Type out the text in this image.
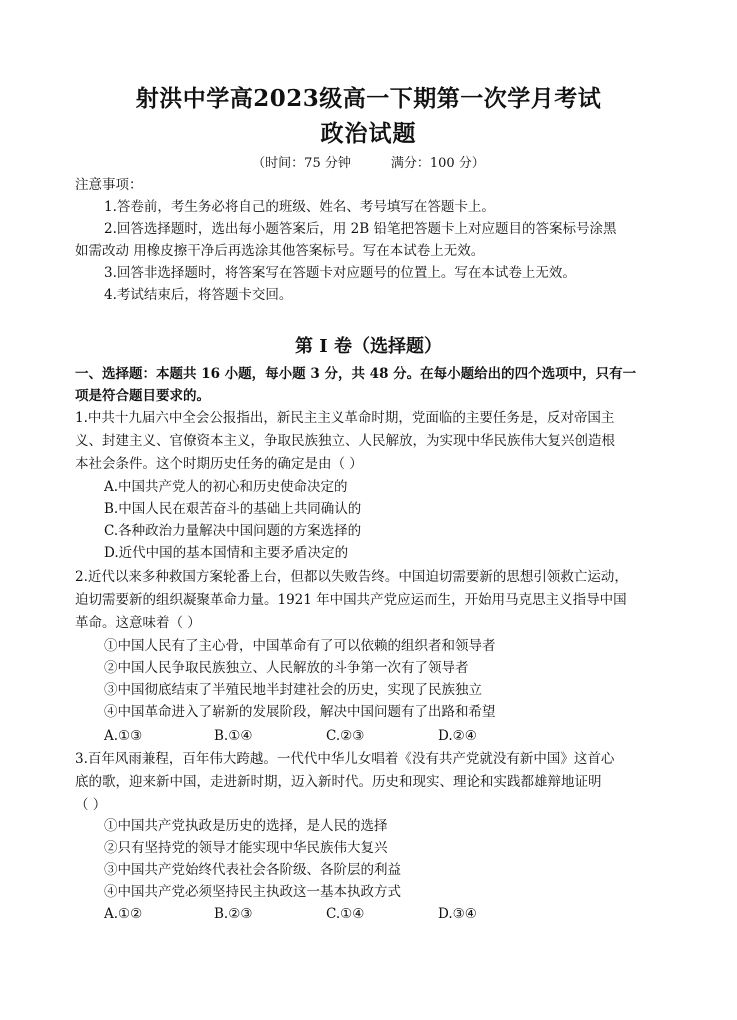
射洪中学高2023级高一下期第一次学月考试
政治试题
（时间：75 分钟	满分：100 分）
注意事项：
1.答卷前，考生务必将自己的班级、姓名、考号填写在答题卡上。
2.回答选择题时，选出每小题答案后，用 2B 铅笔把答题卡上对应题目的答案标号涂黑
如需改动 用橡皮擦干净后再选涂其他答案标号。写在本试卷上无效。
3.回答非选择题时，将答案写在答题卡对应题号的位置上。写在本试卷上无效。
4.考试结束后，将答题卡交回。
第 I 卷（选择题）
一、选择题：本题共 16 小题，每小题 3 分，共 48 分。在每小题给出的四个选项中，只有一
项是符合题目要求的。
1.中共十九届六中全会公报指出，新民主主义革命时期，党面临的主要任务是，反对帝国主
义、封建主义、官僚资本主义，争取民族独立、人民解放，为实现中华民族伟大复兴创造根
本社会条件。这个时期历史任务的确定是由（ ）
A.中国共产党人的初心和历史使命决定的
B.中国人民在艰苦奋斗的基础上共同确认的
C.各种政治力量解决中国问题的方案选择的
D.近代中国的基本国情和主要矛盾决定的
2.近代以来多种救国方案轮番上台，但都以失败告终。中国迫切需要新的思想引领救亡运动，
迫切需要新的组织凝聚革命力量。1921 年中国共产党应运而生，开始用马克思主义指导中国
革命。这意味着（ ）
①中国人民有了主心骨，中国革命有了可以依赖的组织者和领导者
②中国人民争取民族独立、人民解放的斗争第一次有了领导者
③中国彻底结束了半殖民地半封建社会的历史，实现了民族独立
④中国革命进入了崭新的发展阶段，解决中国问题有了出路和希望
A.①③	B.①④	C.②③	D.②④
3.百年风雨兼程，百年伟大跨越。一代代中华儿女唱着《没有共产党就没有新中国》这首心
底的歌，迎来新中国，走进新时期，迈入新时代。历史和现实、理论和实践都雄辩地证明
（ ）
①中国共产党执政是历史的选择，是人民的选择
②只有坚持党的领导才能实现中华民族伟大复兴
③中国共产党始终代表社会各阶级、各阶层的利益
④中国共产党必须坚持民主执政这一基本执政方式
A.①②	B.②③	C.①④	D.③④
